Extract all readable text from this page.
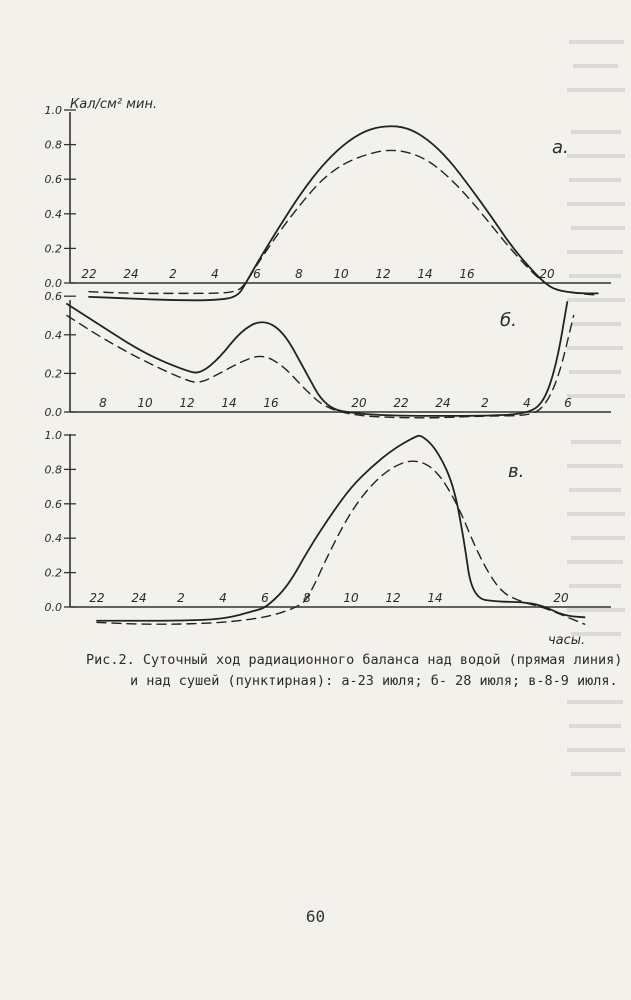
Кал/см² мин.
часы.
0.0
0.2
0.4
0.6
0.8
1.0
22 24	2	4	6	8	10 12 14 16	20
а.
0.0
0.2
0.4
0.6
8	10 12 14 16	20 22 24	2	4	6
б.
0.0
0.2
0.4
0.6
0.8
1.0
22 24	2	4	6	8	10 12 14	20
в.

Рис.2. Суточный ход радиационного баланса над водой (прямая линия)
и над сушей (пунктирная): а-23 июля; б- 28 июля; в-8-9 июля.

60
